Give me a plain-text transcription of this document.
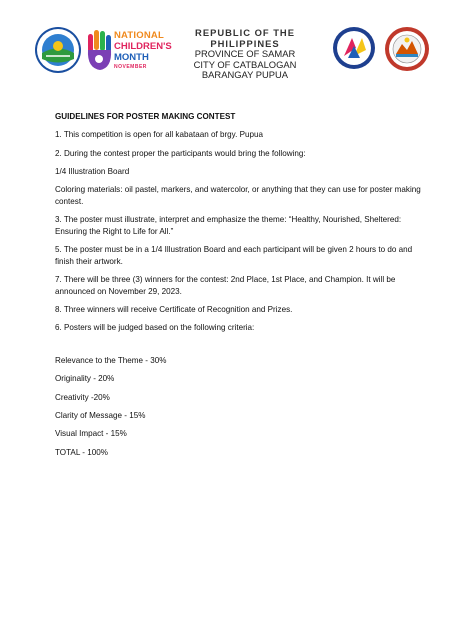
NATIONAL
CHILDREN'S
MONTH
NOVEMBER
REPUBLIC OF THE PHILIPPINES
PROVINCE OF SAMAR
CITY OF CATBALOGAN
BARANGAY PUPUA

GUIDELINES FOR POSTER MAKING CONTEST

1. This competition is open for all kabataan of brgy. Pupua

2. During the contest proper the participants would bring the following:

1/4 Illustration Board

Coloring materials: oil pastel, markers, and watercolor, or anything that they can use for poster making contest.

3. The poster must illustrate, interpret and emphasize the theme: “Healthy, Nourished, Sheltered: Ensuring the Right to Life for All.”

5. The poster must be in a 1/4 Illustration Board and each participant will be given 2 hours to do and finish their artwork.

7. There will be three (3) winners for the contest: 2nd Place, 1st Place, and Champion. It will be announced on November 29, 2023.

8. Three winners will receive Certificate of Recognition and Prizes.

6. Posters will be judged based on the following criteria:

Relevance to the Theme - 30%

Originality - 20%

Creativity -20%

Clarity of Message - 15%

Visual Impact - 15%

TOTAL - 100%
